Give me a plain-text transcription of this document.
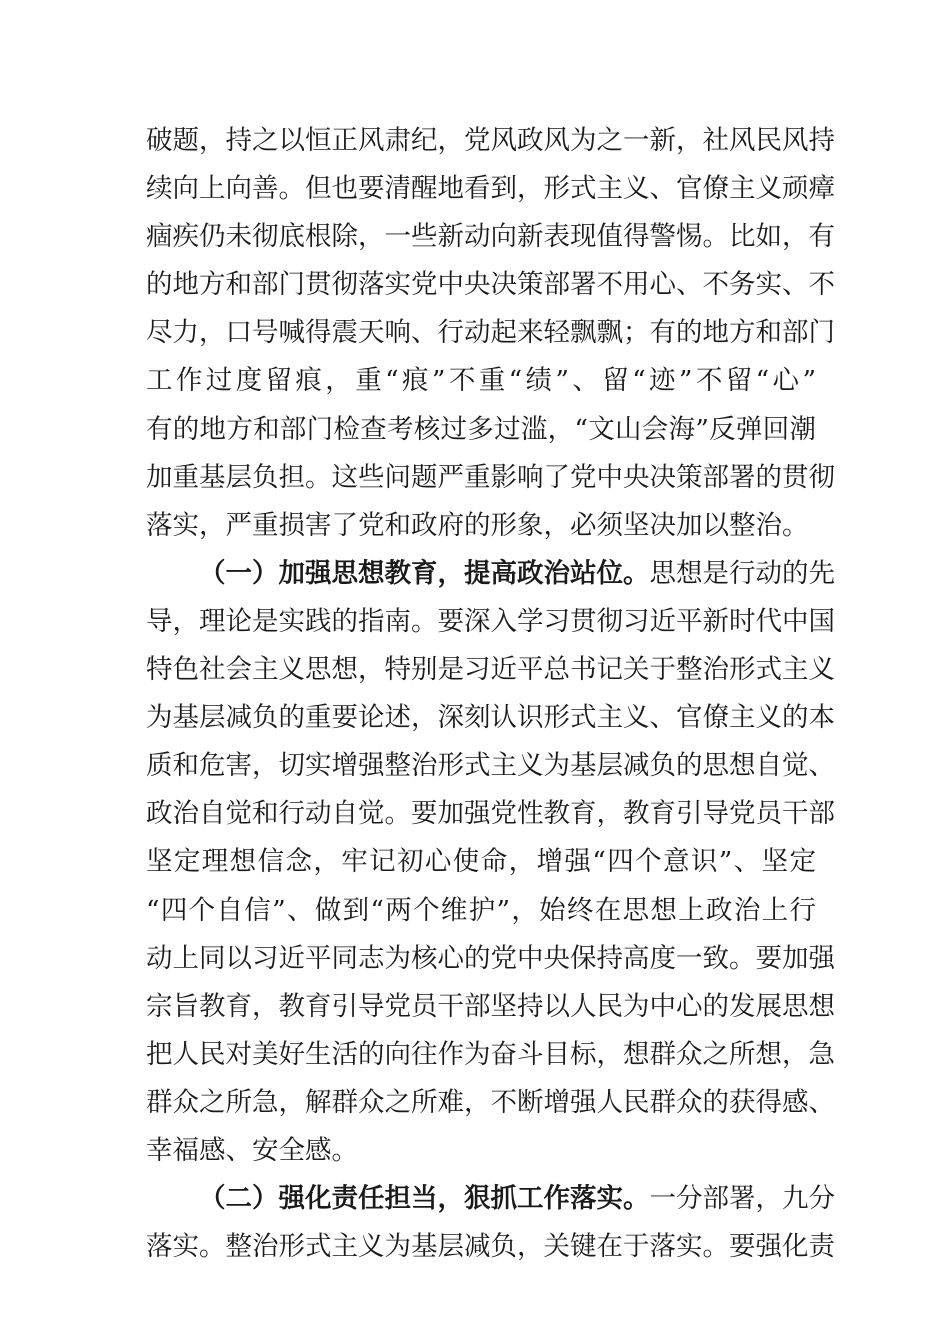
破题，持之以恒正风肃纪，党风政风为之一新，社风民风持
续向上向善。但也要清醒地看到，形式主义、官僚主义顽瘴
痼疾仍未彻底根除，一些新动向新表现值得警惕。比如，有
的地方和部门贯彻落实党中央决策部署不用心、不务实、不
尽力，口号喊得震天响、行动起来轻飘飘；有的地方和部门
工作过度留痕，重“痕”不重“绩”、留“迹”不留“心”
有的地方和部门检查考核过多过滥，“文山会海”反弹回潮
加重基层负担。这些问题严重影响了党中央决策部署的贯彻
落实，严重损害了党和政府的形象，必须坚决加以整治。
（一）加强思想教育，提高政治站位。思想是行动的先
导，理论是实践的指南。要深入学习贯彻习近平新时代中国
特色社会主义思想，特别是习近平总书记关于整治形式主义
为基层减负的重要论述，深刻认识形式主义、官僚主义的本
质和危害，切实增强整治形式主义为基层减负的思想自觉、
政治自觉和行动自觉。要加强党性教育，教育引导党员干部
坚定理想信念，牢记初心使命，增强“四个意识”、坚定
“四个自信”、做到“两个维护”，始终在思想上政治上行
动上同以习近平同志为核心的党中央保持高度一致。要加强
宗旨教育，教育引导党员干部坚持以人民为中心的发展思想
把人民对美好生活的向往作为奋斗目标，想群众之所想，急
群众之所急，解群众之所难，不断增强人民群众的获得感、
幸福感、安全感。
（二）强化责任担当，狠抓工作落实。一分部署，九分
落实。整治形式主义为基层减负，关键在于落实。要强化责
